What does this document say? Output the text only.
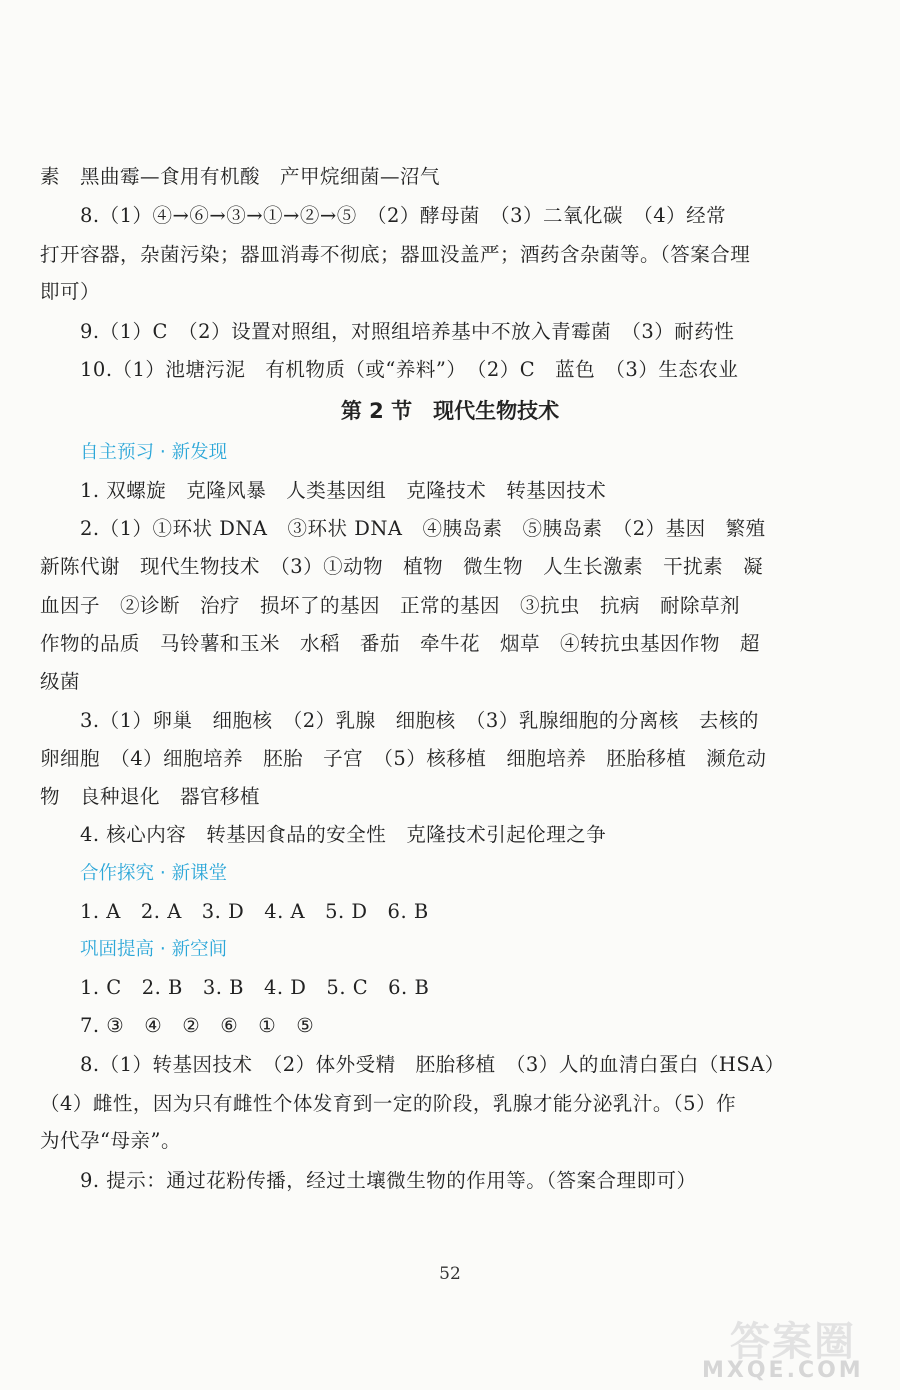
素　黑曲霉—食用有机酸　产甲烷细菌—沼气
8.（1）④→⑥→③→①→②→⑤　（2）酵母菌　（3）二氧化碳　（4）经常
打开容器，杂菌污染；器皿消毒不彻底；器皿没盖严；酒药含杂菌等。（答案合理
即可）
9.（1）C　（2）设置对照组，对照组培养基中不放入青霉菌　（3）耐药性
10.（1）池塘污泥　有机物质（或“养料”）　（2）C　蓝色　（3）生态农业
第 2 节　现代生物技术
自主预习 · 新发现
1. 双螺旋　克隆风暴　人类基因组　克隆技术　转基因技术
2.（1）①环状 DNA　③环状 DNA　④胰岛素　⑤胰岛素　（2）基因　繁殖
新陈代谢　现代生物技术　（3）①动物　植物　微生物　人生长激素　干扰素　凝
血因子　②诊断　治疗　损坏了的基因　正常的基因　③抗虫　抗病　耐除草剂
作物的品质　马铃薯和玉米　水稻　番茄　牵牛花　烟草　④转抗虫基因作物　超
级菌
3.（1）卵巢　细胞核　（2）乳腺　细胞核　（3）乳腺细胞的分离核　去核的
卵细胞　（4）细胞培养　胚胎　子宫　（5）核移植　细胞培养　胚胎移植　濒危动
物　良种退化　器官移植
4. 核心内容　转基因食品的安全性　克隆技术引起伦理之争
合作探究 · 新课堂
1. A　2. A　3. D　4. A　5. D　6. B
巩固提高 · 新空间
1. C　2. B　3. B　4. D　5. C　6. B
7. ③　④　②　⑥　①　⑤
8.（1）转基因技术　（2）体外受精　胚胎移植　（3）人的血清白蛋白（HSA）
（4）雌性，因为只有雌性个体发育到一定的阶段，乳腺才能分泌乳汁。（5）作
为代孕“母亲”。
9. 提示：通过花粉传播，经过土壤微生物的作用等。（答案合理即可）
52
答案圈
MXQE.COM
